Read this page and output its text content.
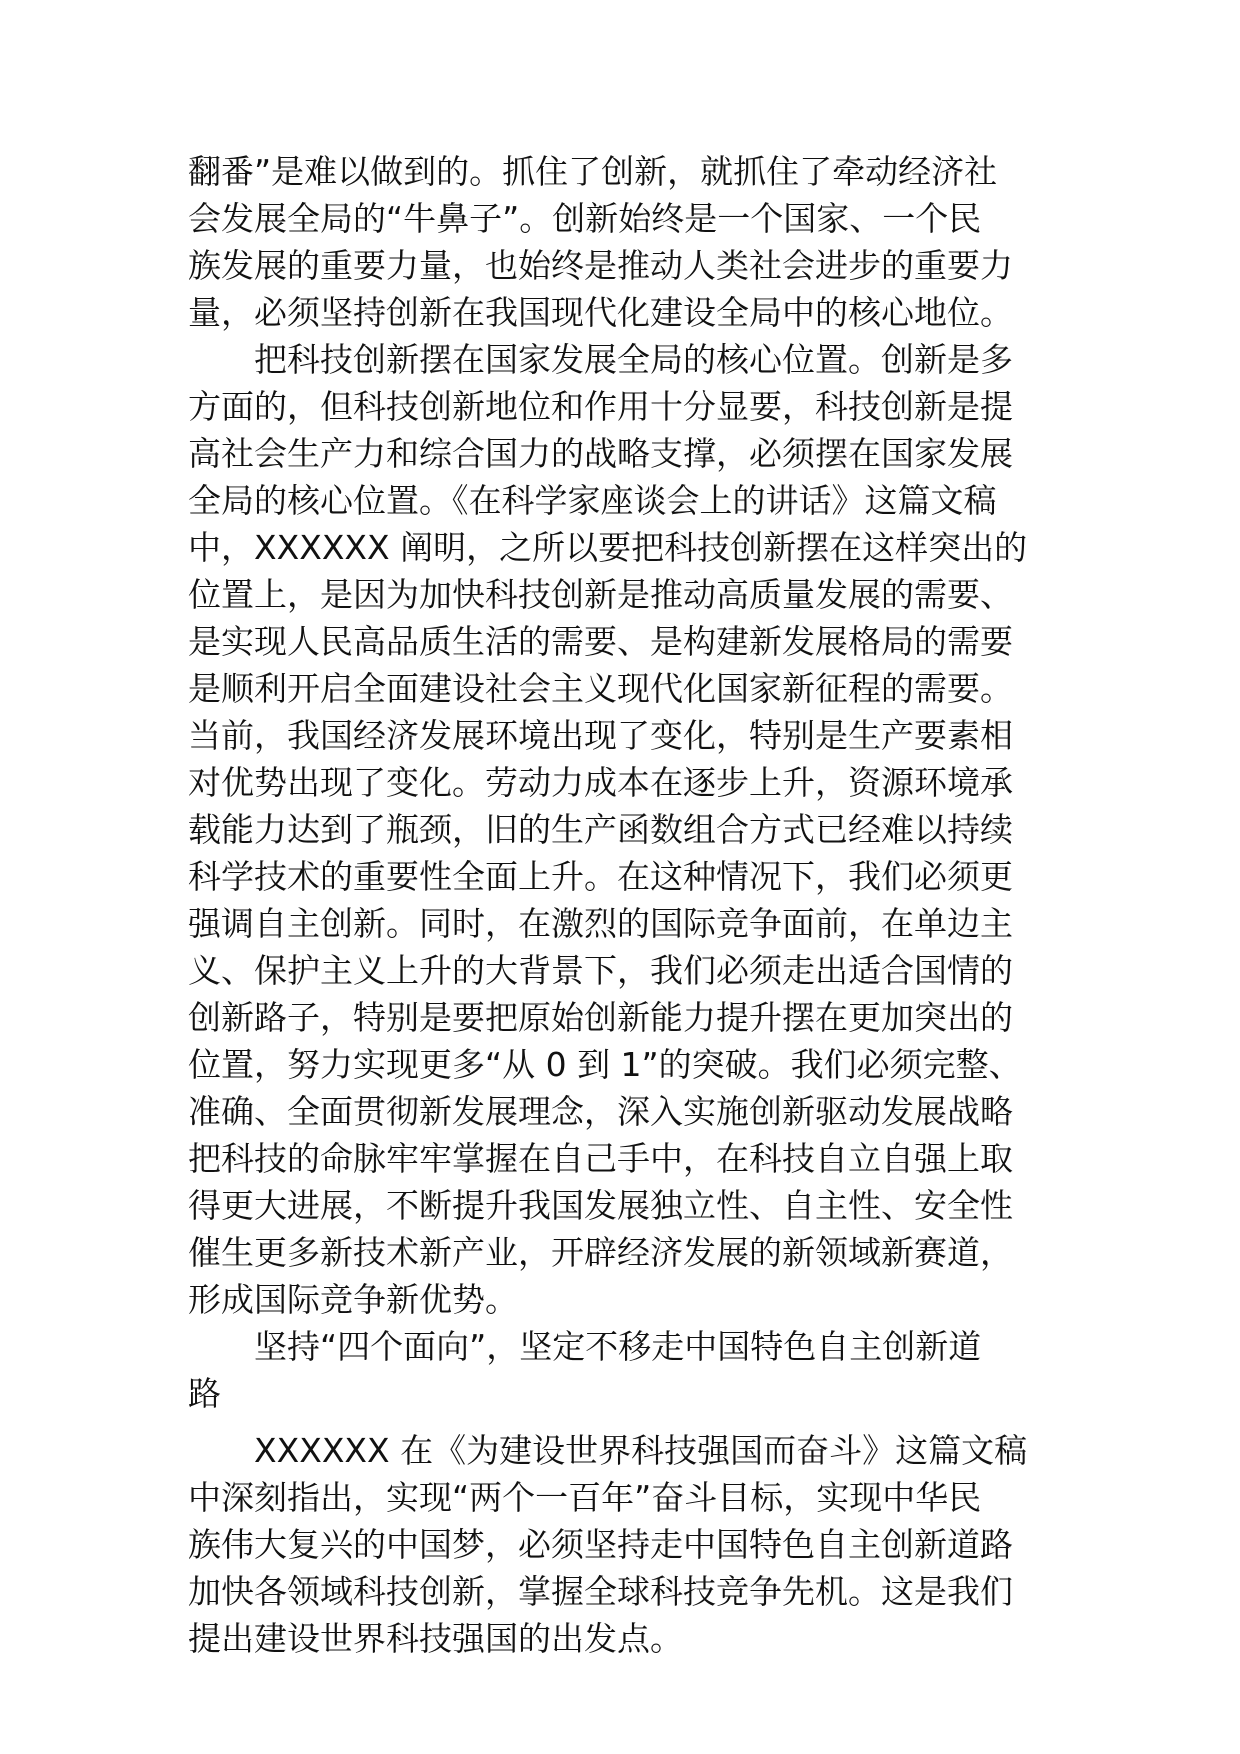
翻番”是难以做到的。抓住了创新，就抓住了牵动经济社
会发展全局的“牛鼻子”。创新始终是一个国家、一个民
族发展的重要力量，也始终是推动人类社会进步的重要力
量，必须坚持创新在我国现代化建设全局中的核心地位。
把科技创新摆在国家发展全局的核心位置。创新是多
方面的，但科技创新地位和作用十分显要，科技创新是提
高社会生产力和综合国力的战略支撑，必须摆在国家发展
全局的核心位置。《在科学家座谈会上的讲话》这篇文稿
中，XXXXXX 阐明，之所以要把科技创新摆在这样突出的
位置上，是因为加快科技创新是推动高质量发展的需要、
是实现人民高品质生活的需要、是构建新发展格局的需要
是顺利开启全面建设社会主义现代化国家新征程的需要。
当前，我国经济发展环境出现了变化，特别是生产要素相
对优势出现了变化。劳动力成本在逐步上升，资源环境承
载能力达到了瓶颈，旧的生产函数组合方式已经难以持续
科学技术的重要性全面上升。在这种情况下，我们必须更
强调自主创新。同时，在激烈的国际竞争面前，在单边主
义、保护主义上升的大背景下，我们必须走出适合国情的
创新路子，特别是要把原始创新能力提升摆在更加突出的
位置，努力实现更多“从 0 到 1”的突破。我们必须完整、
准确、全面贯彻新发展理念，深入实施创新驱动发展战略
把科技的命脉牢牢掌握在自己手中，在科技自立自强上取
得更大进展，不断提升我国发展独立性、自主性、安全性
催生更多新技术新产业，开辟经济发展的新领域新赛道，
形成国际竞争新优势。
坚持“四个面向”，坚定不移走中国特色自主创新道
路
XXXXXX 在《为建设世界科技强国而奋斗》这篇文稿
中深刻指出，实现“两个一百年”奋斗目标，实现中华民
族伟大复兴的中国梦，必须坚持走中国特色自主创新道路
加快各领域科技创新，掌握全球科技竞争先机。这是我们
提出建设世界科技强国的出发点。
